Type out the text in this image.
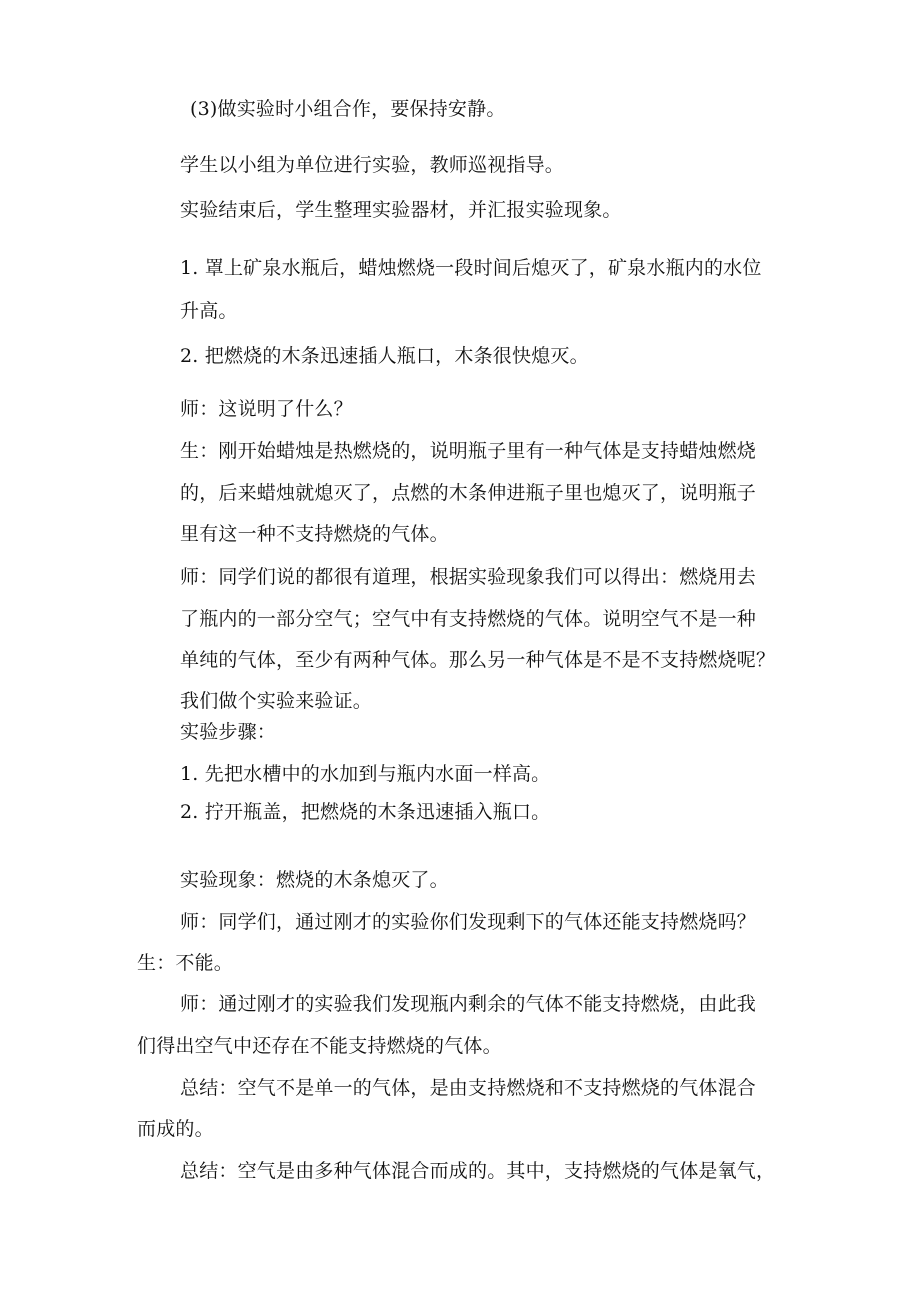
(3)做实验时小组合作，要保持安静。

学生以小组为单位进行实验，教师巡视指导。

实验结束后，学生整理实验器材，并汇报实验现象。

1. 罩上矿泉水瓶后，蜡烛燃烧一段时间后熄灭了，矿泉水瓶内的水位

升高。

2. 把燃烧的木条迅速插人瓶口，木条很快熄灭。

师：这说明了什么？

生：刚开始蜡烛是热燃烧的，说明瓶子里有一种气体是支持蜡烛燃烧

的，后来蜡烛就熄灭了，点燃的木条伸进瓶子里也熄灭了，说明瓶子

里有这一种不支持燃烧的气体。

师：同学们说的都很有道理，根据实验现象我们可以得出：燃烧用去

了瓶内的一部分空气；空气中有支持燃烧的气体。说明空气不是一种

单纯的气体，至少有两种气体。那么另一种气体是不是不支持燃烧呢？

我们做个实验来验证。

实验步骤：

1. 先把水槽中的水加到与瓶内水面一样高。

2. 拧开瓶盖，把燃烧的木条迅速插入瓶口。

实验现象：燃烧的木条熄灭了。

师：同学们，通过刚才的实验你们发现剩下的气体还能支持燃烧吗？

生：不能。

师：通过刚才的实验我们发现瓶内剩余的气体不能支持燃烧，由此我

们得出空气中还存在不能支持燃烧的气体。

总结：空气不是单一的气体，是由支持燃烧和不支持燃烧的气体混合

而成的。

总结：空气是由多种气体混合而成的。其中，支持燃烧的气体是氧气，
